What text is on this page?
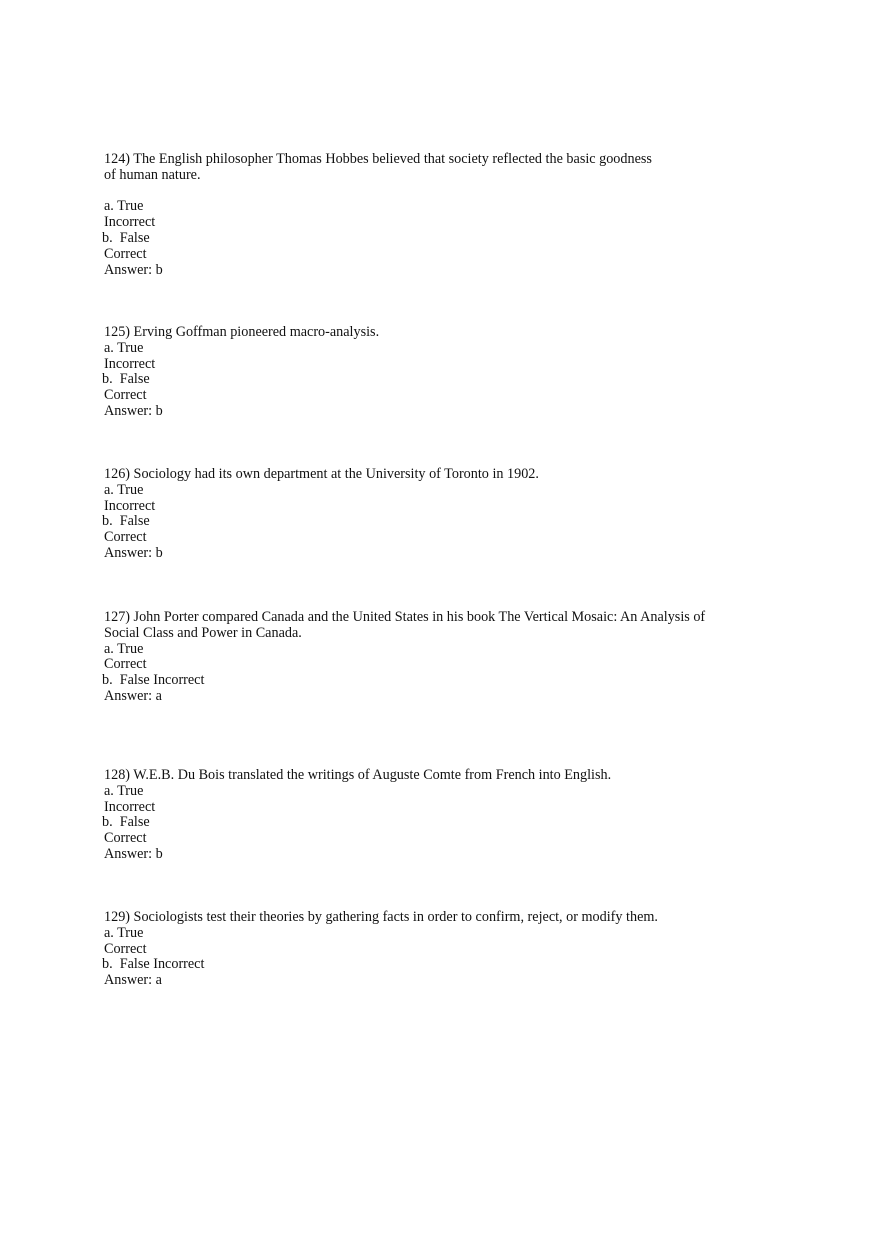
124) The English philosopher Thomas Hobbes believed that society reflected the basic goodness
of human nature.
a. True
Incorrect
b.  False
Correct
Answer: b
125) Erving Goffman pioneered macro-analysis.
a. True
Incorrect
b.  False
Correct
Answer: b
126) Sociology had its own department at the University of Toronto in 1902.
a. True
Incorrect
b.  False
Correct
Answer: b
127) John Porter compared Canada and the United States in his book The Vertical Mosaic: An Analysis of
Social Class and Power in Canada.
a. True
Correct
b.  False Incorrect
Answer: a
128) W.E.B. Du Bois translated the writings of Auguste Comte from French into English.
a. True
Incorrect
b.  False
Correct
Answer: b
129) Sociologists test their theories by gathering facts in order to confirm, reject, or modify them.
a. True
Correct
b.  False Incorrect
Answer: a
